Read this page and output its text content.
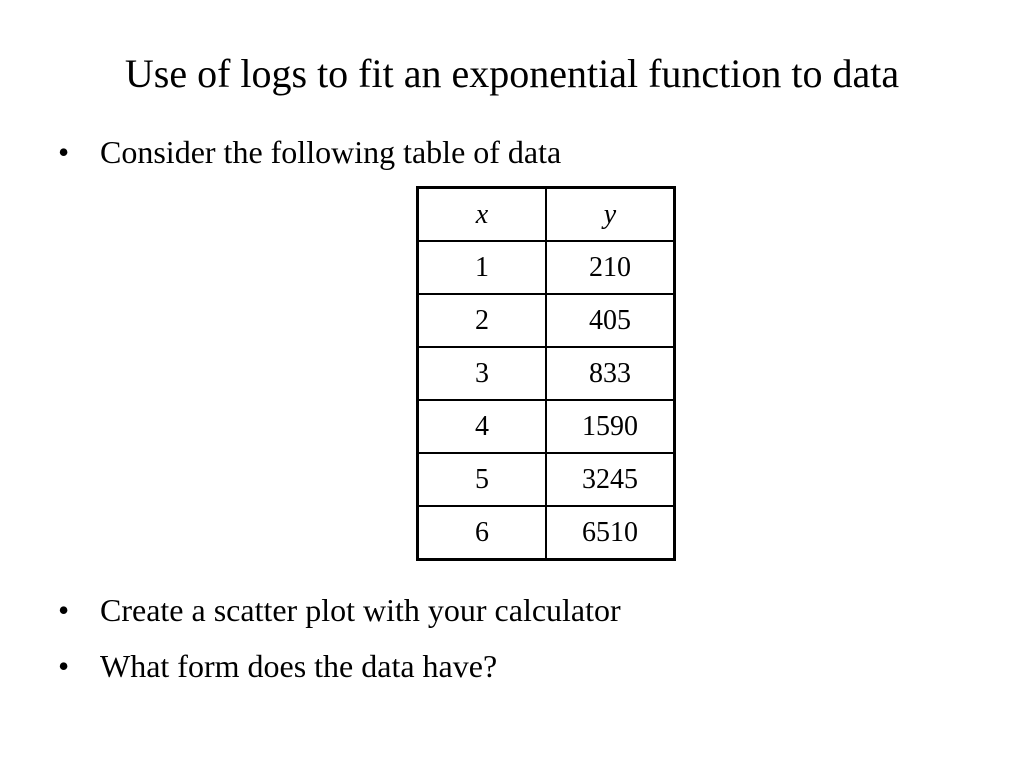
Use of logs to fit an exponential function to data
• Consider the following table of data
x	y
1	210
2	405
3	833
4	1590
5	3245
6	6510
• Create a scatter plot with your calculator
• What form does the data have?
